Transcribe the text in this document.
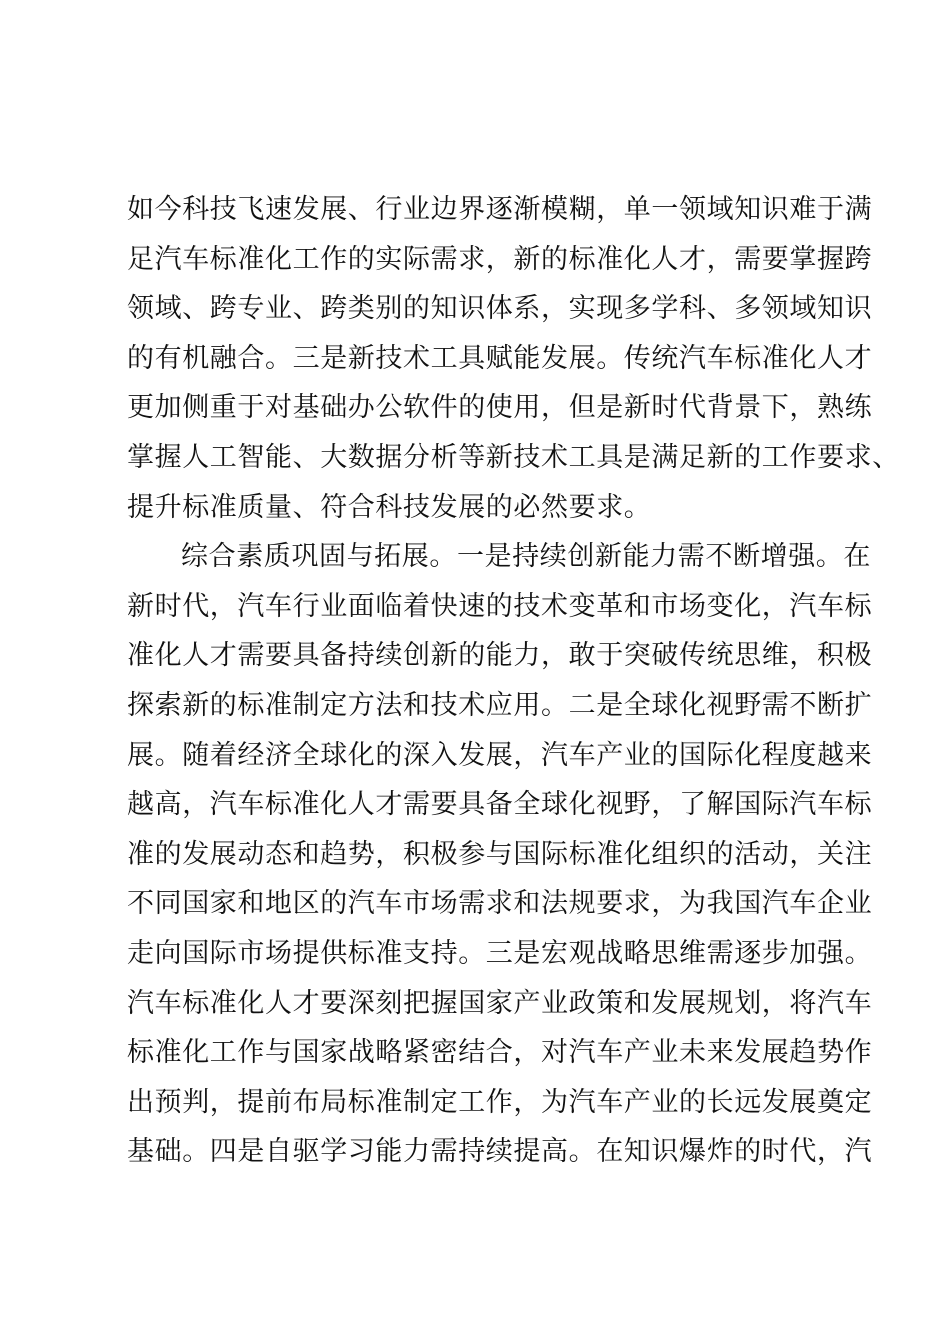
如今科技飞速发展、行业边界逐渐模糊，单一领域知识难于满
足汽车标准化工作的实际需求，新的标准化人才，需要掌握跨
领域、跨专业、跨类别的知识体系，实现多学科、多领域知识
的有机融合。三是新技术工具赋能发展。传统汽车标准化人才
更加侧重于对基础办公软件的使用，但是新时代背景下，熟练
掌握人工智能、大数据分析等新技术工具是满足新的工作要求、
提升标准质量、符合科技发展的必然要求。
综合素质巩固与拓展。一是持续创新能力需不断增强。在
新时代，汽车行业面临着快速的技术变革和市场变化，汽车标
准化人才需要具备持续创新的能力，敢于突破传统思维，积极
探索新的标准制定方法和技术应用。二是全球化视野需不断扩
展。随着经济全球化的深入发展，汽车产业的国际化程度越来
越高，汽车标准化人才需要具备全球化视野，了解国际汽车标
准的发展动态和趋势，积极参与国际标准化组织的活动，关注
不同国家和地区的汽车市场需求和法规要求，为我国汽车企业
走向国际市场提供标准支持。三是宏观战略思维需逐步加强。
汽车标准化人才要深刻把握国家产业政策和发展规划，将汽车
标准化工作与国家战略紧密结合，对汽车产业未来发展趋势作
出预判，提前布局标准制定工作，为汽车产业的长远发展奠定
基础。四是自驱学习能力需持续提高。在知识爆炸的时代，汽
